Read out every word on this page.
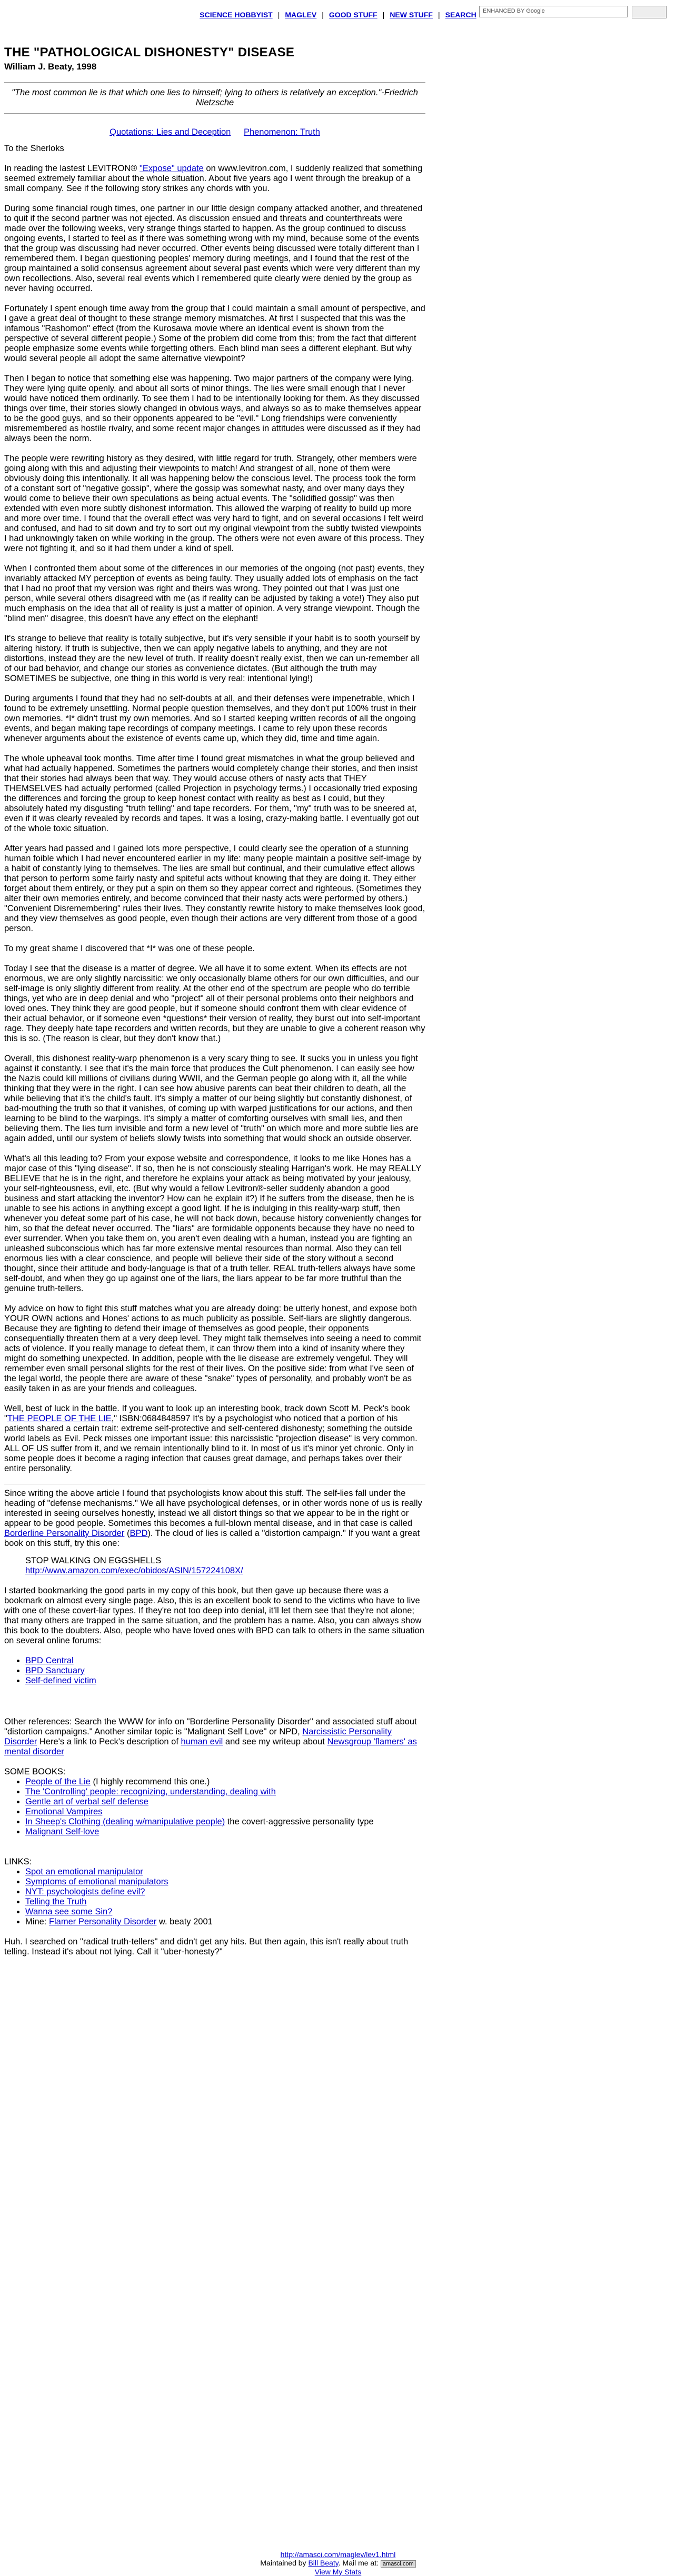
SCIENCE HOBBYIST | MAGLEV | GOOD STUFF | NEW STUFF | SEARCH	ENHANCED BY Google
THE "PATHOLOGICAL DISHONESTY" DISEASE
William J. Beaty, 1998
"The most common lie is that which one lies to himself; lying to others is relatively an exception."-Friedrich Nietzsche
Quotations: Lies and Deception Phenomenon: Truth

To the Sherloks

In reading the lastest LEVITRON® "Expose" update on www.levitron.com, I suddenly realized that something seemed extremely familiar about the whole situation. About five years ago I went through the breakup of a small company. See if the following story strikes any chords with you.

During some financial rough times, one partner in our little design company attacked another, and threatened to quit if the second partner was not ejected. As discussion ensued and threats and counterthreats were made over the following weeks, very strange things started to happen. As the group continued to discuss ongoing events, I started to feel as if there was something wrong with my mind, because some of the events that the group was discussing had never occurred. Other events being discussed were totally different than I remembered them. I began questioning peoples' memory during meetings, and I found that the rest of the group maintained a solid consensus agreement about several past events which were very different than my own recollections. Also, several real events which I remembered quite clearly were denied by the group as never having occurred.

Fortunately I spent enough time away from the group that I could maintain a small amount of perspective, and I gave a great deal of thought to these strange memory mismatches. At first I suspected that this was the infamous "Rashomon" effect (from the Kurosawa movie where an identical event is shown from the perspective of several different people.) Some of the problem did come from this; from the fact that different people emphasize some events while forgetting others. Each blind man sees a different elephant. But why would several people all adopt the same alternative viewpoint?

Then I began to notice that something else was happening. Two major partners of the company were lying. They were lying quite openly, and about all sorts of minor things. The lies were small enough that I never would have noticed them ordinarily. To see them I had to be intentionally looking for them. As they discussed things over time, their stories slowly changed in obvious ways, and always so as to make themselves appear to be the good guys, and so their opponents appeared to be "evil." Long friendships were conveniently misremembered as hostile rivalry, and some recent major changes in attitudes were discussed as if they had always been the norm.

The people were rewriting history as they desired, with little regard for truth. Strangely, other members were going along with this and adjusting their viewpoints to match! And strangest of all, none of them were obviously doing this intentionally. It all was happening below the conscious level. The process took the form of a constant sort of "negative gossip", where the gossip was somewhat nasty, and over many days they would come to believe their own speculations as being actual events. The "solidified gossip" was then extended with even more subtly dishonest information. This allowed the warping of reality to build up more and more over time. I found that the overall effect was very hard to fight, and on several occasions I felt weird and confused, and had to sit down and try to sort out my original viewpoint from the subtly twisted viewpoints I had unknowingly taken on while working in the group. The others were not even aware of this process. They were not fighting it, and so it had them under a kind of spell.

When I confronted them about some of the differences in our memories of the ongoing (not past) events, they invariably attacked MY perception of events as being faulty. They usually added lots of emphasis on the fact that I had no proof that my version was right and theirs was wrong. They pointed out that I was just one person, while several others disagreed with me (as if reality can be adjusted by taking a vote!) They also put much emphasis on the idea that all of reality is just a matter of opinion. A very strange viewpoint. Though the "blind men" disagree, this doesn't have any effect on the elephant!

It's strange to believe that reality is totally subjective, but it's very sensible if your habit is to sooth yourself by altering history. If truth is subjective, then we can apply negative labels to anything, and they are not distortions, instead they are the new level of truth. If reality doesn't really exist, then we can un-remember all of our bad behavior, and change our stories as convenience dictates. (But although the truth may SOMETIMES be subjective, one thing in this world is very real: intentional lying!)

During arguments I found that they had no self-doubts at all, and their defenses were impenetrable, which I found to be extremely unsettling. Normal people question themselves, and they don't put 100% trust in their own memories. *I* didn't trust my own memories. And so I started keeping written records of all the ongoing events, and began making tape recordings of company meetings. I came to rely upon these records whenever arguments about the existence of events came up, which they did, time and time again.

The whole upheaval took months. Time after time I found great mismatches in what the group believed and what had actually happened. Sometimes the partners would completely change their stories, and then insist that their stories had always been that way. They would accuse others of nasty acts that THEY THEMSELVES had actually performed (called Projection in psychology terms.) I occasionally tried exposing the differences and forcing the group to keep honest contact with reality as best as I could, but they absolutely hated my disgusting "truth telling" and tape recorders. For them, "my" truth was to be sneered at, even if it was clearly revealed by records and tapes. It was a losing, crazy-making battle. I eventually got out of the whole toxic situation.

After years had passed and I gained lots more perspective, I could clearly see the operation of a stunning human foible which I had never encountered earlier in my life: many people maintain a positive self-image by a habit of constantly lying to themselves. The lies are small but continual, and their cumulative effect allows that person to perform some fairly nasty and spiteful acts without knowing that they are doing it. They either forget about them entirely, or they put a spin on them so they appear correct and righteous. (Sometimes they alter their own memories entirely, and become convinced that their nasty acts were performed by others.) "Convenient Disremembering" rules their lives. They constantly rewrite history to make themselves look good, and they view themselves as good people, even though their actions are very different from those of a good person.

To my great shame I discovered that *I* was one of these people.

Today I see that the disease is a matter of degree. We all have it to some extent. When its effects are not enormous, we are only slightly narcissitic: we only occasionally blame others for our own difficulties, and our self-image is only slightly different from reality. At the other end of the spectrum are people who do terrible things, yet who are in deep denial and who "project" all of their personal problems onto their neighbors and loved ones. They think they are good people, but if someone should confront them with clear evidence of their actual behavior, or if someone even *questions* their version of reality, they burst out into self-important rage. They deeply hate tape recorders and written records, but they are unable to give a coherent reason why this is so. (The reason is clear, but they don't know that.)

Overall, this dishonest reality-warp phenomenon is a very scary thing to see. It sucks you in unless you fight against it constantly. I see that it's the main force that produces the Cult phenomenon. I can easily see how the Nazis could kill millions of civilians during WWII, and the German people go along with it, all the while thinking that they were in the right. I can see how abusive parents can beat their children to death, all the while believing that it's the child's fault. It's simply a matter of our being slightly but constantly dishonest, of bad-mouthing the truth so that it vanishes, of coming up with warped justifications for our actions, and then learning to be blind to the warpings. It's simply a matter of comforting ourselves with small lies, and then believing them. The lies turn invisible and form a new level of "truth" on which more and more subtle lies are again added, until our system of beliefs slowly twists into something that would shock an outside observer.

What's all this leading to? From your expose website and correspondence, it looks to me like Hones has a major case of this "lying disease". If so, then he is not consciously stealing Harrigan's work. He may REALLY BELIEVE that he is in the right, and therefore he explains your attack as being motivated by your jealousy, your self-righteousness, evil, etc. (But why would a fellow Levitron®-seller suddenly abandon a good business and start attacking the inventor? How can he explain it?) If he suffers from the disease, then he is unable to see his actions in anything except a good light. If he is indulging in this reality-warp stuff, then whenever you defeat some part of his case, he will not back down, because history conveniently changes for him, so that the defeat never occurred. The "liars" are formidable opponents because they have no need to ever surrender. When you take them on, you aren't even dealing with a human, instead you are fighting an unleashed subconscious which has far more extensive mental resources than normal. Also they can tell enormous lies with a clear conscience, and people will believe their side of the story without a second thought, since their attitude and body-language is that of a truth teller. REAL truth-tellers always have some self-doubt, and when they go up against one of the liars, the liars appear to be far more truthful than the genuine truth-tellers.

My advice on how to fight this stuff matches what you are already doing: be utterly honest, and expose both YOUR OWN actions and Hones' actions to as much publicity as possible. Self-liars are slightly dangerous. Because they are fighting to defend their image of themselves as good people, their opponents consequentially threaten them at a very deep level. They might talk themselves into seeing a need to commit acts of violence. If you really manage to defeat them, it can throw them into a kind of insanity where they might do something unexpected. In addition, people with the lie disease are extremely vengeful. They will remember even small personal slights for the rest of their lives. On the positive side: from what I've seen of the legal world, the people there are aware of these "snake" types of personality, and probably won't be as easily taken in as are your friends and colleagues.

Well, best of luck in the battle. If you want to look up an interesting book, track down Scott M. Peck's book "THE PEOPLE OF THE LIE," ISBN:0684848597 It's by a psychologist who noticed that a portion of his patients shared a certain trait: extreme self-protective and self-centered dishonesty; something the outside world labels as Evil. Peck misses one important issue: this narcissistic "projection disease" is very common. ALL OF US suffer from it, and we remain intentionally blind to it. In most of us it's minor yet chronic. Only in some people does it become a raging infection that causes great damage, and perhaps takes over their entire personality.

Since writing the above article I found that psychologists know about this stuff. The self-lies fall under the heading of "defense mechanisms." We all have psychological defenses, or in other words none of us is really interested in seeing ourselves honestly, instead we all distort things so that we appear to be in the right or appear to be good people. Sometimes this becomes a full-blown mental disease, and in that case is called Borderline Personality Disorder (BPD). The cloud of lies is called a "distortion campaign." If you want a great book on this stuff, try this one:

STOP WALKING ON EGGSHELLS
http://www.amazon.com/exec/obidos/ASIN/157224108X/

I started bookmarking the good parts in my copy of this book, but then gave up because there was a bookmark on almost every single page. Also, this is an excellent book to send to the victims who have to live with one of these covert-liar types. If they're not too deep into denial, it'll let them see that they're not alone; that many others are trapped in the same situation, and the problem has a name. Also, you can always show this book to the doubters. Also, people who have loved ones with BPD can talk to others in the same situation on several online forums:

• BPD Central
• BPD Sanctuary
• Self-defined victim

Other references: Search the WWW for info on "Borderline Personality Disorder" and associated stuff about "distortion campaigns." Another similar topic is "Malignant Self Love" or NPD, Narcissistic Personality Disorder Here's a link to Peck's description of human evil and see my writeup about Newsgroup 'flamers' as mental disorder

SOME BOOKS:
• People of the Lie (I highly recommend this one.)
• The 'Controlling' people: recognizing, understanding, dealing with
• Gentle art of verbal self defense
• Emotional Vampires
• In Sheep's Clothing (dealing w/manipulative people) the covert-aggressive personality type
• Malignant Self-love
LINKS:
• Spot an emotional manipulator
• Symptoms of emotional manipulators
• NYT: psychologists define evil?
• Telling the Truth
• Wanna see some Sin?
• Mine: Flamer Personality Disorder w. beaty 2001

Huh. I searched on "radical truth-tellers" and didn't get any hits. But then again, this isn't really about truth telling. Instead it's about not lying. Call it "uber-honesty?"

http://amasci.com/maglev/lev1.html
Maintained by Bill Beaty. Mail me at: amasci.com
View My Stats
